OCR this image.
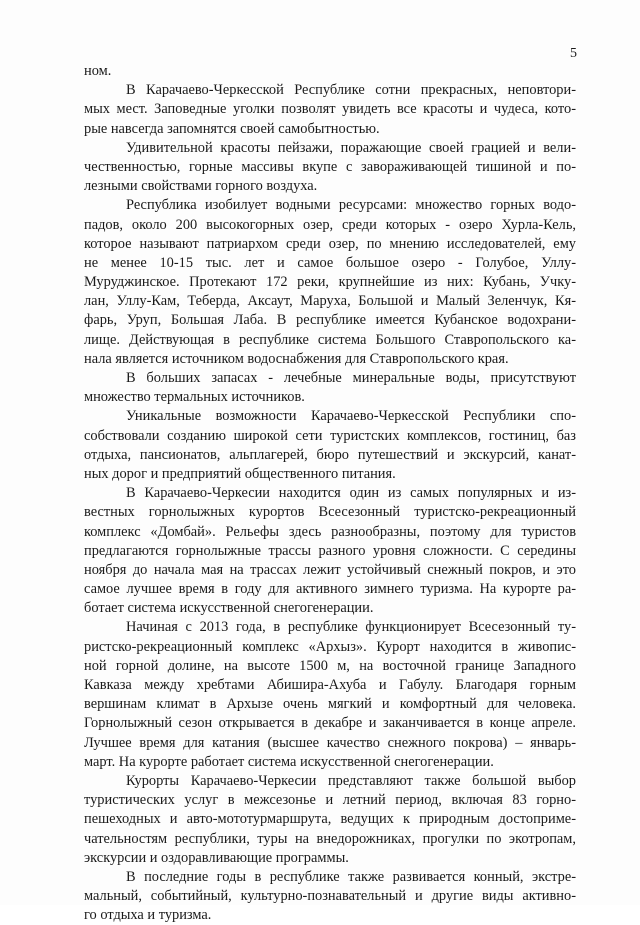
5
ном.
В Карачаево-Черкесской Республике сотни прекрасных, неповтори-
мых мест. Заповедные уголки позволят увидеть все красоты и чудеса, кото-
рые навсегда запомнятся своей самобытностью.
Удивительной красоты пейзажи, поражающие своей грацией и вели-
чественностью, горные массивы вкупе с завораживающей тишиной и по-
лезными свойствами горного воздуха.
Республика изобилует водными ресурсами: множество горных водо-
падов, около 200 высокогорных озер, среди которых - озеро Хурла-Кель,
которое называют патриархом среди озер, по мнению исследователей, ему
не менее 10-15 тыс. лет и самое большое озеро - Голубое, Уллу-
Муруджинское. Протекают 172 реки, крупнейшие из них: Кубань, Учку-
лан, Уллу-Кам, Теберда, Аксаут, Маруха, Большой и Малый Зеленчук, Кя-
фарь, Уруп, Большая Лаба. В республике имеется Кубанское водохрани-
лище. Действующая в республике система Большого Ставропольского ка-
нала является источником водоснабжения для Ставропольского края.
В больших запасах - лечебные минеральные воды, присутствуют
множество термальных источников.
Уникальные возможности Карачаево-Черкесской Республики спо-
собствовали созданию широкой сети туристских комплексов, гостиниц, баз
отдыха, пансионатов, альплагерей, бюро путешествий и экскурсий, канат-
ных дорог и предприятий общественного питания.
В Карачаево-Черкесии находится один из самых популярных и из-
вестных горнолыжных курортов Всесезонный туристско-рекреационный
комплекс «Домбай». Рельефы здесь разнообразны, поэтому для туристов
предлагаются горнолыжные трассы разного уровня сложности. С середины
ноября до начала мая на трассах лежит устойчивый снежный покров, и это
самое лучшее время в году для активного зимнего туризма. На курорте ра-
ботает система искусственной снегогенерации.
Начиная с 2013 года, в республике функционирует Всесезонный ту-
ристско-рекреационный комплекс «Архыз». Курорт находится в живопис-
ной горной долине, на высоте 1500 м, на восточной границе Западного
Кавказа между хребтами Абишира-Ахуба и Габулу. Благодаря горным
вершинам климат в Архызе очень мягкий и комфортный для человека.
Горнолыжный сезон открывается в декабре и заканчивается в конце апреле.
Лучшее время для катания (высшее качество снежного покрова) – январь-
март. На курорте работает система искусственной снегогенерации.
Курорты Карачаево-Черкесии представляют также большой выбор
туристических услуг в межсезонье и летний период, включая 83 горно-
пешеходных и авто-мототурмаршрута, ведущих к природным достоприме-
чательностям республики, туры на внедорожниках, прогулки по экотропам,
экскурсии и оздоравливающие программы.
В последние годы в республике также развивается конный, экстре-
мальный, событийный, культурно-познавательный и другие виды активно-
го отдыха и туризма.
